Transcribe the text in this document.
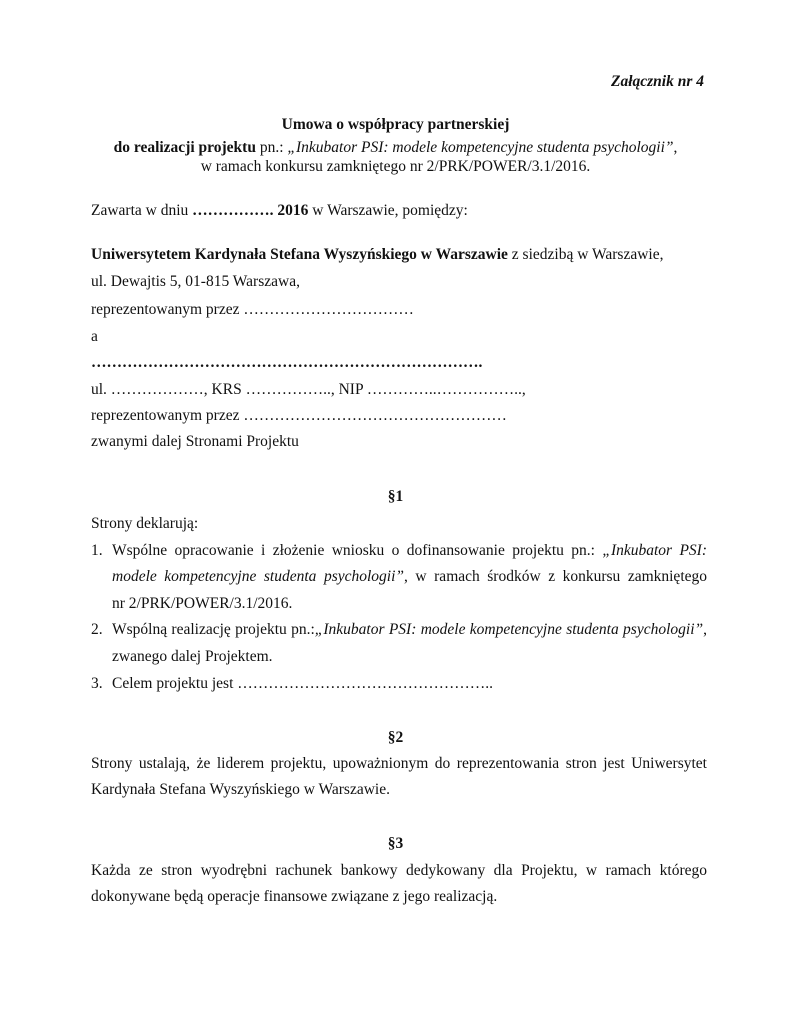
Załącznik nr 4
Umowa o współpracy partnerskiej
do realizacji projektu pn.: „Inkubator PSI: modele kompetencyjne studenta psychologii”,
w ramach konkursu zamkniętego nr 2/PRK/POWER/3.1/2016.
Zawarta w dniu ……………. 2016 w Warszawie, pomiędzy:
Uniwersytetem Kardynała Stefana Wyszyńskiego w Warszawie z siedzibą w Warszawie,
ul. Dewajtis 5, 01-815 Warszawa,
reprezentowanym przez ……………………………
a
………………………………………………………………….
ul. ………………, KRS …………….., NIP …………..……………..,
reprezentowanym przez ……………………………………………
zwanymi dalej Stronami Projektu
§1
Strony deklarują:
1. Wspólne opracowanie i złożenie wniosku o dofinansowanie projektu pn.: „Inkubator PSI:
modele kompetencyjne studenta psychologii”, w ramach środków z konkursu zamkniętego
nr 2/PRK/POWER/3.1/2016.
2. Wspólną realizację projektu pn.:„Inkubator PSI: modele kompetencyjne studenta psychologii”,
zwanego dalej Projektem.
3. Celem projektu jest …………………………………………..
§2
Strony ustalają, że liderem projektu, upoważnionym do reprezentowania stron jest Uniwersytet
Kardynała Stefana Wyszyńskiego w Warszawie.
§3
Każda ze stron wyodrębni rachunek bankowy dedykowany dla Projektu, w ramach którego
dokonywane będą operacje finansowe związane z jego realizacją.
